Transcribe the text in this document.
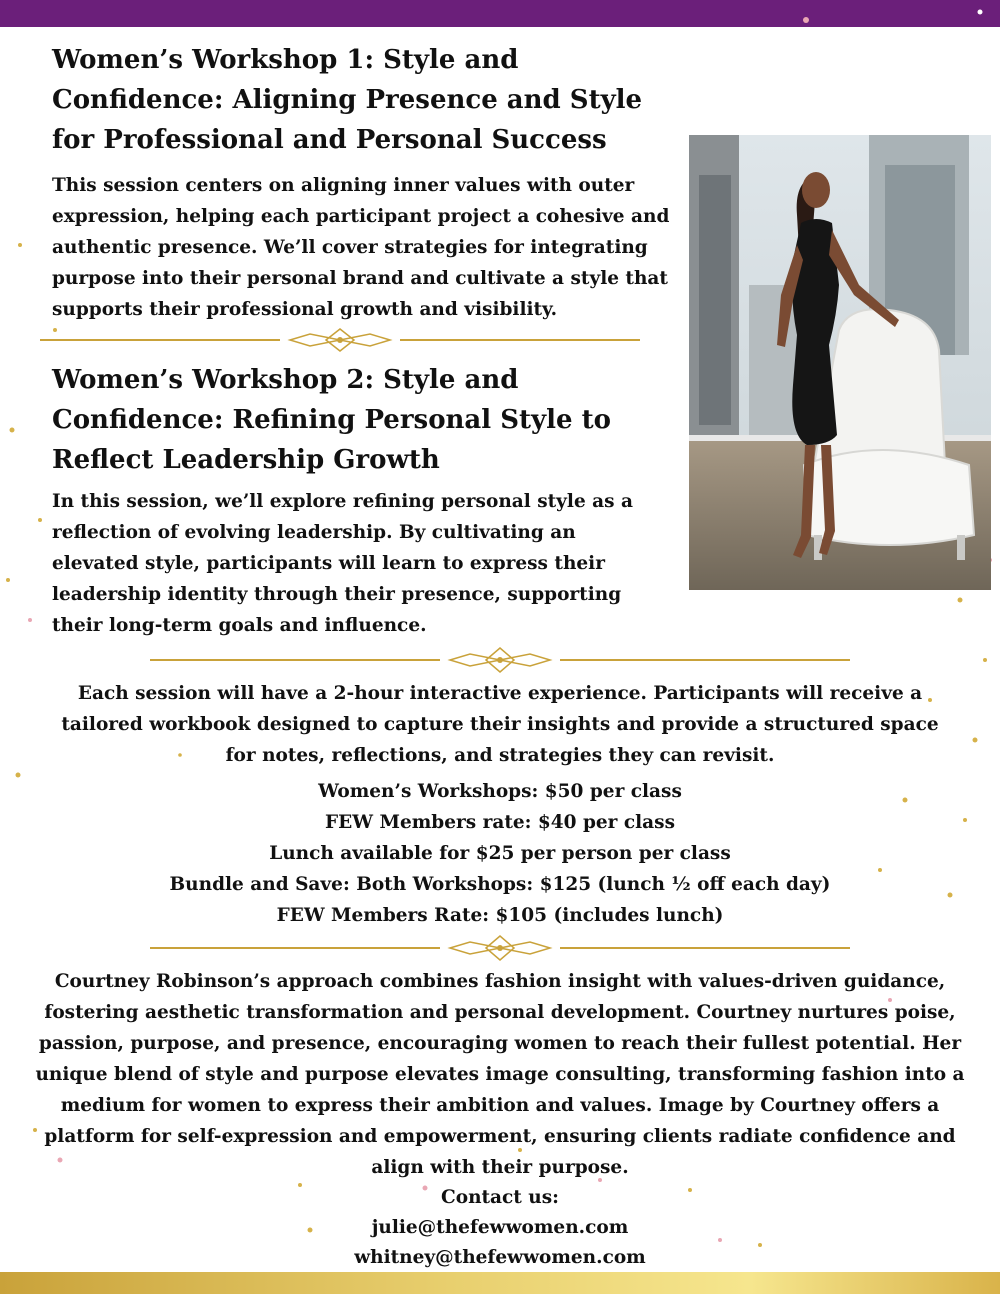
Women’s Workshop 1: Style and Confidence: Aligning Presence and Style for Professional and Personal Success

This session centers on aligning inner values with outer expression, helping each participant project a cohesive and authentic presence. We’ll cover strategies for integrating purpose into their personal brand and cultivate a style that supports their professional growth and visibility.

Women’s Workshop 2: Style and Confidence: Refining Personal Style to Reflect Leadership Growth

In this session, we’ll explore refining personal style as a reflection of evolving leadership. By cultivating an elevated style, participants will learn to express their leadership identity through their presence, supporting their long-term goals and influence.

Each session will have a 2-hour interactive experience. Participants will receive a tailored workbook designed to capture their insights and provide a structured space for notes, reflections, and strategies they can revisit.

Women’s Workshops: $50 per class
FEW Members rate: $40 per class
Lunch available for $25 per person per class
Bundle and Save: Both Workshops: $125 (lunch ½ off each day)
FEW Members Rate: $105 (includes lunch)

Courtney Robinson’s approach combines fashion insight with values-driven guidance, fostering aesthetic transformation and personal development. Courtney nurtures poise, passion, purpose, and presence, encouraging women to reach their fullest potential. Her unique blend of style and purpose elevates image consulting, transforming fashion into a medium for women to express their ambition and values. Image by Courtney offers a platform for self-expression and empowerment, ensuring clients radiate confidence and align with their purpose.

Contact us:
julie@thefewwomen.com
whitney@thefewwomen.com
